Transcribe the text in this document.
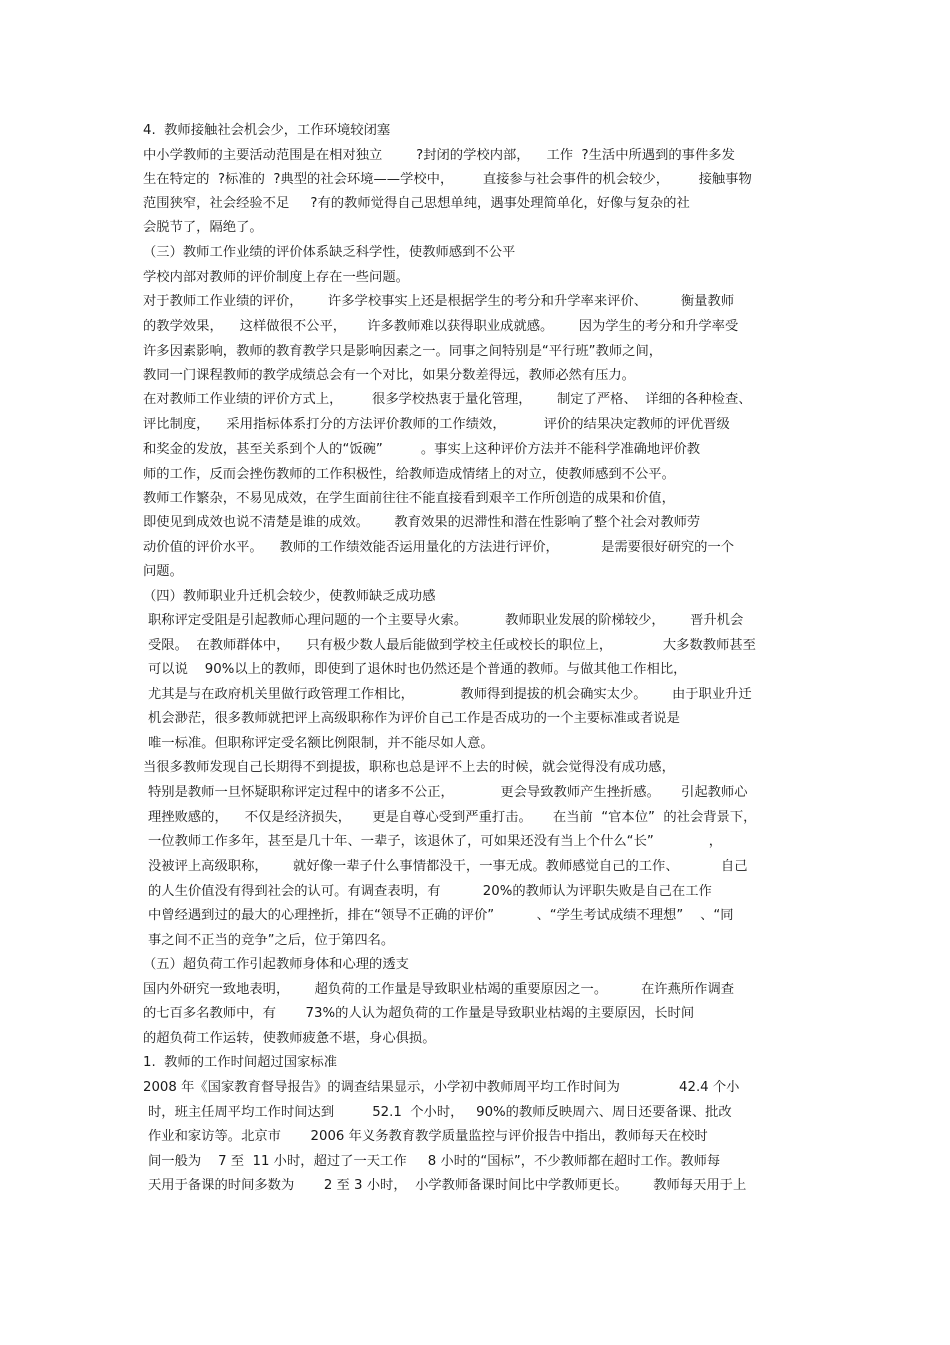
4.  教师接触社会机会少，工作环境较闭塞
中小学教师的主要活动范围是在相对独立        ?封闭的学校内部，    工作  ?生活中所遇到的事件多发
生在特定的  ?标准的  ?典型的社会环境——学校中，       直接参与社会事件的机会较少，       接触事物
范围狭窄，社会经验不足     ?有的教师觉得自己思想单纯，遇事处理简单化，好像与复杂的社
会脱节了，隔绝了。
（三）教师工作业绩的评价体系缺乏科学性，使教师感到不公平
学校内部对教师的评价制度上存在一些问题。
对于教师工作业绩的评价，      许多学校事实上还是根据学生的考分和升学率来评价、        衡量教师
的教学效果，    这样做很不公平，     许多教师难以获得职业成就感。      因为学生的考分和升学率受
许多因素影响，教师的教育教学只是影响因素之一。同事之间特别是“平行班”教师之间，
教同一门课程教师的教学成绩总会有一个对比，如果分数差得远，教师必然有压力。
在对教师工作业绩的评价方式上，       很多学校热衷于量化管理，      制定了严格、  详细的各种检查、
评比制度，    采用指标体系打分的方法评价教师的工作绩效，         评价的结果决定教师的评优晋级
和奖金的发放，甚至关系到个人的“饭碗”         。事实上这种评价方法并不能科学准确地评价教
师的工作，反而会挫伤教师的工作积极性，给教师造成情绪上的对立，使教师感到不公平。
教师工作繁杂，不易见成效，在学生面前往往不能直接看到艰辛工作所创造的成果和价值，
即使见到成效也说不清楚是谁的成效。      教育效果的迟滞性和潜在性影响了整个社会对教师劳
动价值的评价水平。    教师的工作绩效能否运用量化的方法进行评价，          是需要很好研究的一个
问题。
（四）教师职业升迁机会较少，使教师缺乏成功感
职称评定受阻是引起教师心理问题的一个主要导火索。         教师职业发展的阶梯较少，      晋升机会
受限。  在教师群体中，    只有极少数人最后能做到学校主任或校长的职位上，            大多数教师甚至
可以说    90%以上的教师，即使到了退休时也仍然还是个普通的教师。与做其他工作相比，
尤其是与在政府机关里做行政管理工作相比，           教师得到提拔的机会确实太少。      由于职业升迁
机会渺茫，很多教师就把评上高级职称作为评价自己工作是否成功的一个主要标准或者说是
唯一标准。但职称评定受名额比例限制，并不能尽如人意。
当很多教师发现自己长期得不到提拔，职称也总是评不上去的时候，就会觉得没有成功感，
特别是教师一旦怀疑职称评定过程中的诸多不公正，           更会导致教师产生挫折感。     引起教师心
理挫败感的，    不仅是经济损失，     更是自尊心受到严重打击。     在当前  “官本位”  的社会背景下，
一位教师工作多年，甚至是几十年、一辈子，该退休了，可如果还没有当上个什么“长”             ，
没被评上高级职称，      就好像一辈子什么事情都没干，一事无成。教师感觉自己的工作、          自己
的人生价值没有得到社会的认可。有调查表明，有          20%的教师认为评职失败是自己在工作
中曾经遇到过的最大的心理挫折，排在“领导不正确的评价”          、“学生考试成绩不理想”    、“同
事之间不正当的竞争”之后，位于第四名。
（五）超负荷工作引起教师身体和心理的透支
国内外研究一致地表明，      超负荷的工作量是导致职业枯竭的重要原因之一。        在许燕所作调查
的七百多名教师中，有       73%的人认为超负荷的工作量是导致职业枯竭的主要原因，长时间
的超负荷工作运转，使教师疲惫不堪，身心俱损。
1.  教师的工作时间超过国家标准
2008 年《国家教育督导报告》的调查结果显示，小学初中教师周平均工作时间为              42.4 个小
时，班主任周平均工作时间达到         52.1  个小时，   90%的教师反映周六、周日还要备课、批改
作业和家访等。北京市       2006 年义务教育教学质量监控与评价报告中指出，教师每天在校时
间一般为    7 至  11 小时，超过了一天工作     8 小时的“国标”，不少教师都在超时工作。教师每
天用于备课的时间多数为       2 至 3 小时，  小学教师备课时间比中学教师更长。      教师每天用于上
